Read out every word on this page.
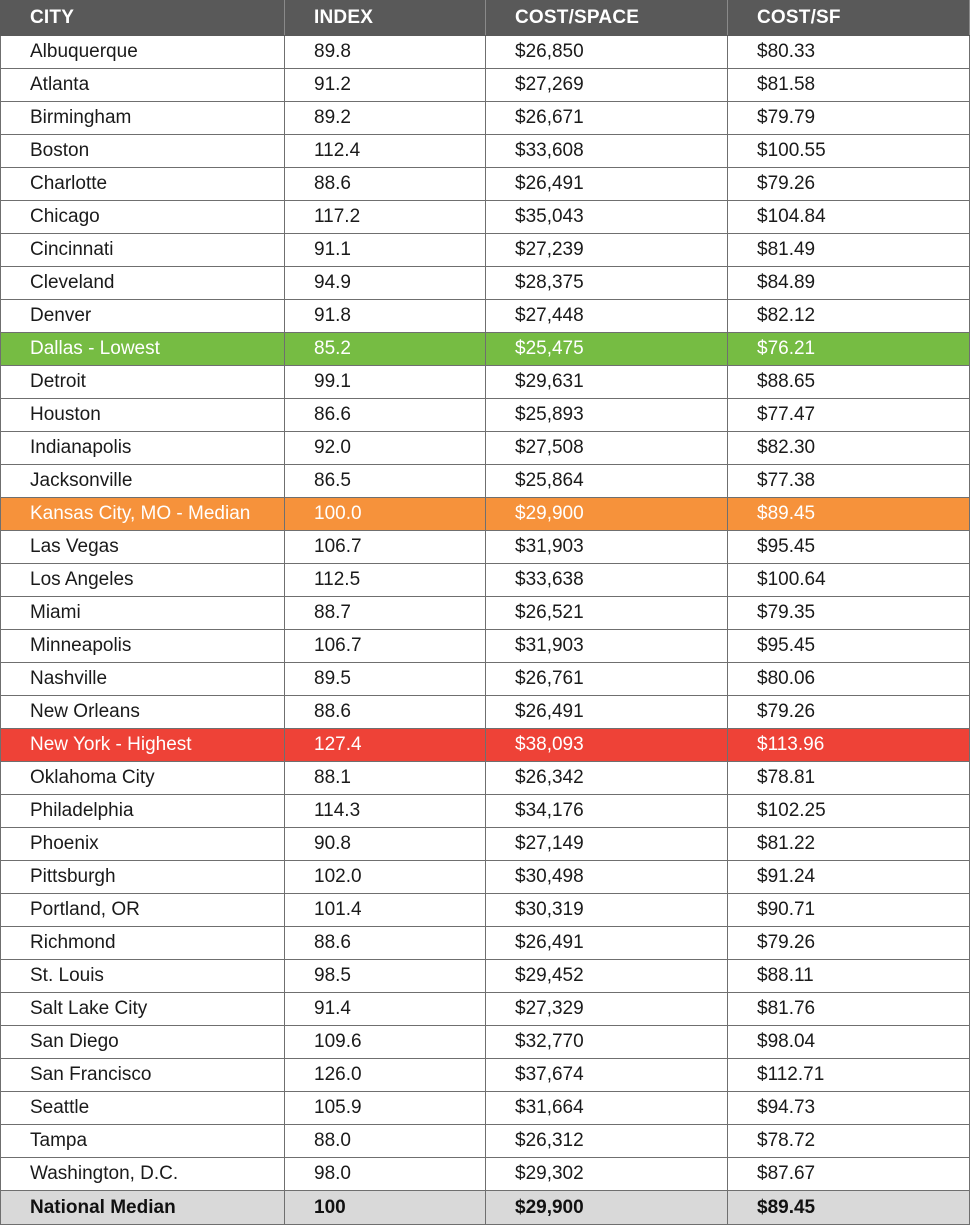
CITY	INDEX	COST/SPACE	COST/SF
Albuquerque	89.8	$26,850	$80.33
Atlanta	91.2	$27,269	$81.58
Birmingham	89.2	$26,671	$79.79
Boston	112.4	$33,608	$100.55
Charlotte	88.6	$26,491	$79.26
Chicago	117.2	$35,043	$104.84
Cincinnati	91.1	$27,239	$81.49
Cleveland	94.9	$28,375	$84.89
Denver	91.8	$27,448	$82.12
Dallas - Lowest	85.2	$25,475	$76.21
Detroit	99.1	$29,631	$88.65
Houston	86.6	$25,893	$77.47
Indianapolis	92.0	$27,508	$82.30
Jacksonville	86.5	$25,864	$77.38
Kansas City, MO - Median	100.0	$29,900	$89.45
Las Vegas	106.7	$31,903	$95.45
Los Angeles	112.5	$33,638	$100.64
Miami	88.7	$26,521	$79.35
Minneapolis	106.7	$31,903	$95.45
Nashville	89.5	$26,761	$80.06
New Orleans	88.6	$26,491	$79.26
New York - Highest	127.4	$38,093	$113.96
Oklahoma City	88.1	$26,342	$78.81
Philadelphia	114.3	$34,176	$102.25
Phoenix	90.8	$27,149	$81.22
Pittsburgh	102.0	$30,498	$91.24
Portland, OR	101.4	$30,319	$90.71
Richmond	88.6	$26,491	$79.26
St. Louis	98.5	$29,452	$88.11
Salt Lake City	91.4	$27,329	$81.76
San Diego	109.6	$32,770	$98.04
San Francisco	126.0	$37,674	$112.71
Seattle	105.9	$31,664	$94.73
Tampa	88.0	$26,312	$78.72
Washington, D.C.	98.0	$29,302	$87.67
National Median	100	$29,900	$89.45
